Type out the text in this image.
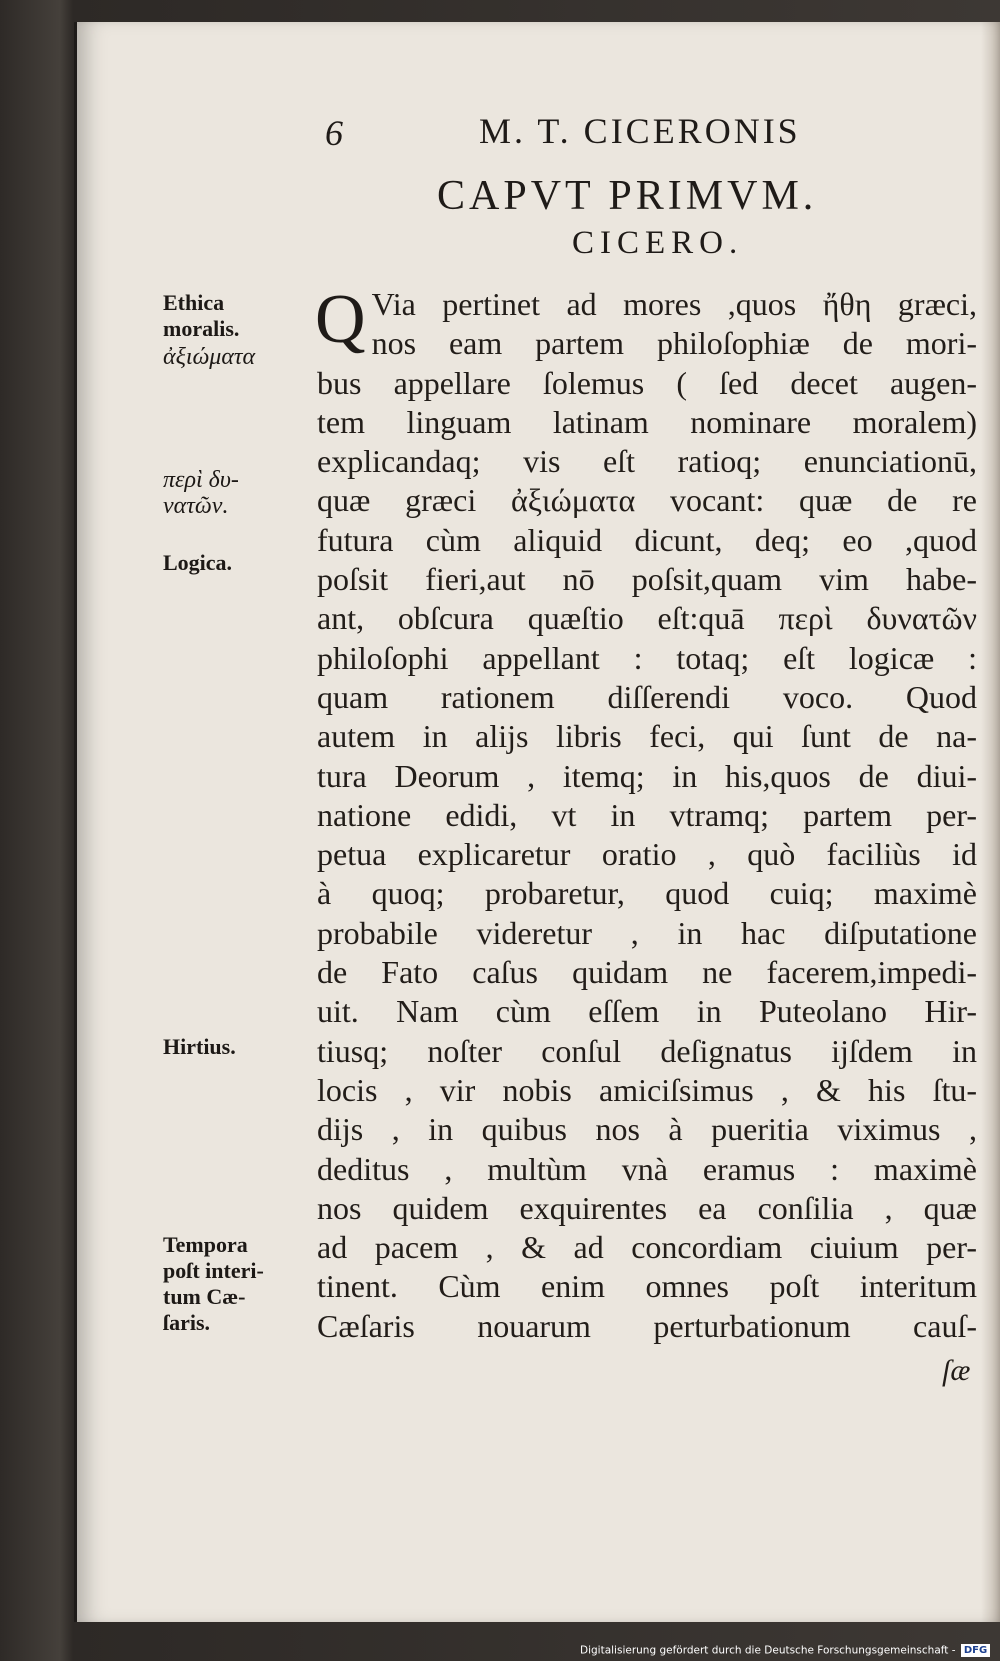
6	M. T. CICERONIS
CAPVT PRIMVM.
CICERO.
Ethica
moralis.
ἀξιώματα
περὶ δυ-
νατῶν.
Logica.
Hirtius.
Tempora
poſt interi-
tum Cæ-
ſaris.
Q Via pertinet ad mores ,quos ἤθη græci,
nos eam partem philoſophiæ de mori-
bus appellare ſolemus ( ſed decet augen-
tem linguam latinam nominare moralem)
explicandaq; vis eſt ratioq; enunciationū,
quæ græci ἀξιώματα vocant: quæ de re
futura cùm aliquid dicunt, deq; eo ,quod
poſsit fieri,aut nō poſsit,quam vim habe-
ant, obſcura quæſtio eſt:quā περὶ δυνατῶν
philoſophi appellant : totaq; eſt logicæ :
quam rationem diſſerendi voco. Quod
autem in alijs libris feci, qui ſunt de na-
tura Deorum , itemq; in his,quos de diui-
natione edidi, vt in vtramq; partem per-
petua explicaretur oratio , quò faciliùs id
à quoq; probaretur, quod cuiq; maximè
probabile videretur , in hac diſputatione
de Fato caſus quidam ne facerem,impedi-
uit. Nam cùm eſſem in Puteolano Hir-
tiusq; noſter conſul deſignatus ijſdem in
locis , vir nobis amiciſsimus , & his ſtu-
dijs , in quibus nos à pueritia viximus ,
deditus , multùm vnà eramus : maximè
nos quidem exquirentes ea conſilia , quæ
ad pacem , & ad concordiam ciuium per-
tinent. Cùm enim omnes poſt interitum
Cæſaris nouarum perturbationum cauſ-
ſæ
Digitalisierung gefördert durch die Deutsche Forschungsgemeinschaft - DFG
